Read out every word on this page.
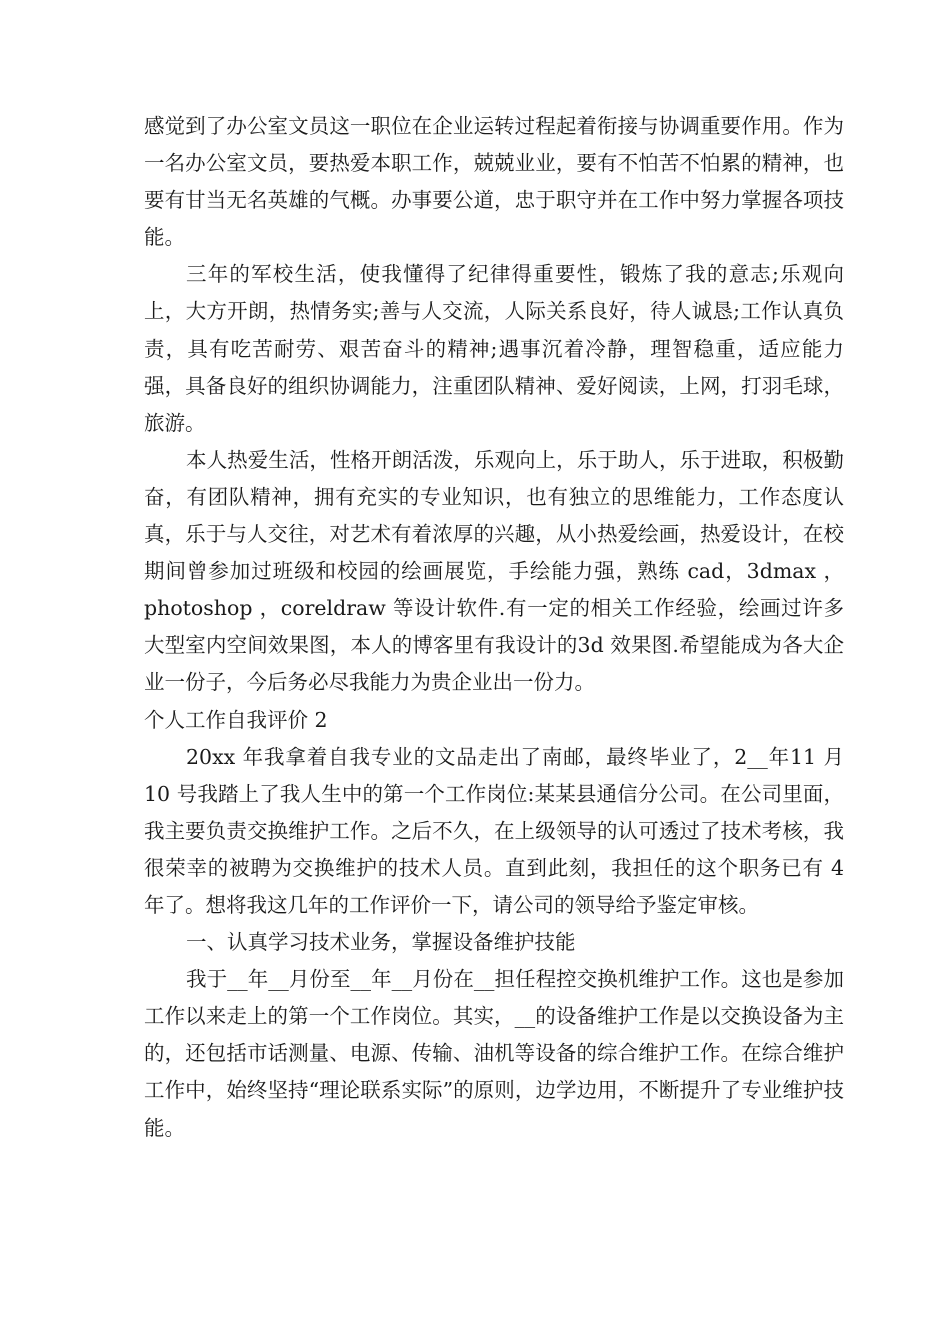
感觉到了办公室文员这一职位在企业运转过程起着衔接与协调重要作用。作为一名办公室文员，要热爱本职工作，兢兢业业，要有不怕苦不怕累的精神，也要有甘当无名英雄的气概。办事要公道，忠于职守并在工作中努力掌握各项技能。

三年的军校生活，使我懂得了纪律得重要性，锻炼了我的意志;乐观向上，大方开朗，热情务实;善与人交流，人际关系良好，待人诚恳;工作认真负责，具有吃苦耐劳、艰苦奋斗的精神;遇事沉着冷静，理智稳重，适应能力强，具备良好的组织协调能力，注重团队精神、爱好阅读，上网，打羽毛球，旅游。

本人热爱生活，性格开朗活泼，乐观向上，乐于助人，乐于进取，积极勤奋，有团队精神，拥有充实的专业知识，也有独立的思维能力，工作态度认真，乐于与人交往，对艺术有着浓厚的兴趣，从小热爱绘画，热爱设计，在校期间曾参加过班级和校园的绘画展览，手绘能力强，熟练 cad，3dmax ，photoshop ，coreldraw 等设计软件.有一定的相关工作经验，绘画过许多大型室内空间效果图，本人的博客里有我设计的3d 效果图.希望能成为各大企业一份子，今后务必尽我能力为贵企业出一份力。

个人工作自我评价 2

20xx 年我拿着自我专业的文品走出了南邮，最终毕业了，2__年11 月 10 号我踏上了我人生中的第一个工作岗位:某某县通信分公司。在公司里面，我主要负责交换维护工作。之后不久，在上级领导的认可透过了技术考核，我很荣幸的被聘为交换维护的技术人员。直到此刻，我担任的这个职务已有 4 年了。想将我这几年的工作评价一下，请公司的领导给予鉴定审核。

一、认真学习技术业务，掌握设备维护技能

我于__年__月份至__年__月份在__担任程控交换机维护工作。这也是参加工作以来走上的第一个工作岗位。其实，__的设备维护工作是以交换设备为主的，还包括市话测量、电源、传输、油机等设备的综合维护工作。在综合维护工作中，始终坚持“理论联系实际”的原则，边学边用，不断提升了专业维护技能。
